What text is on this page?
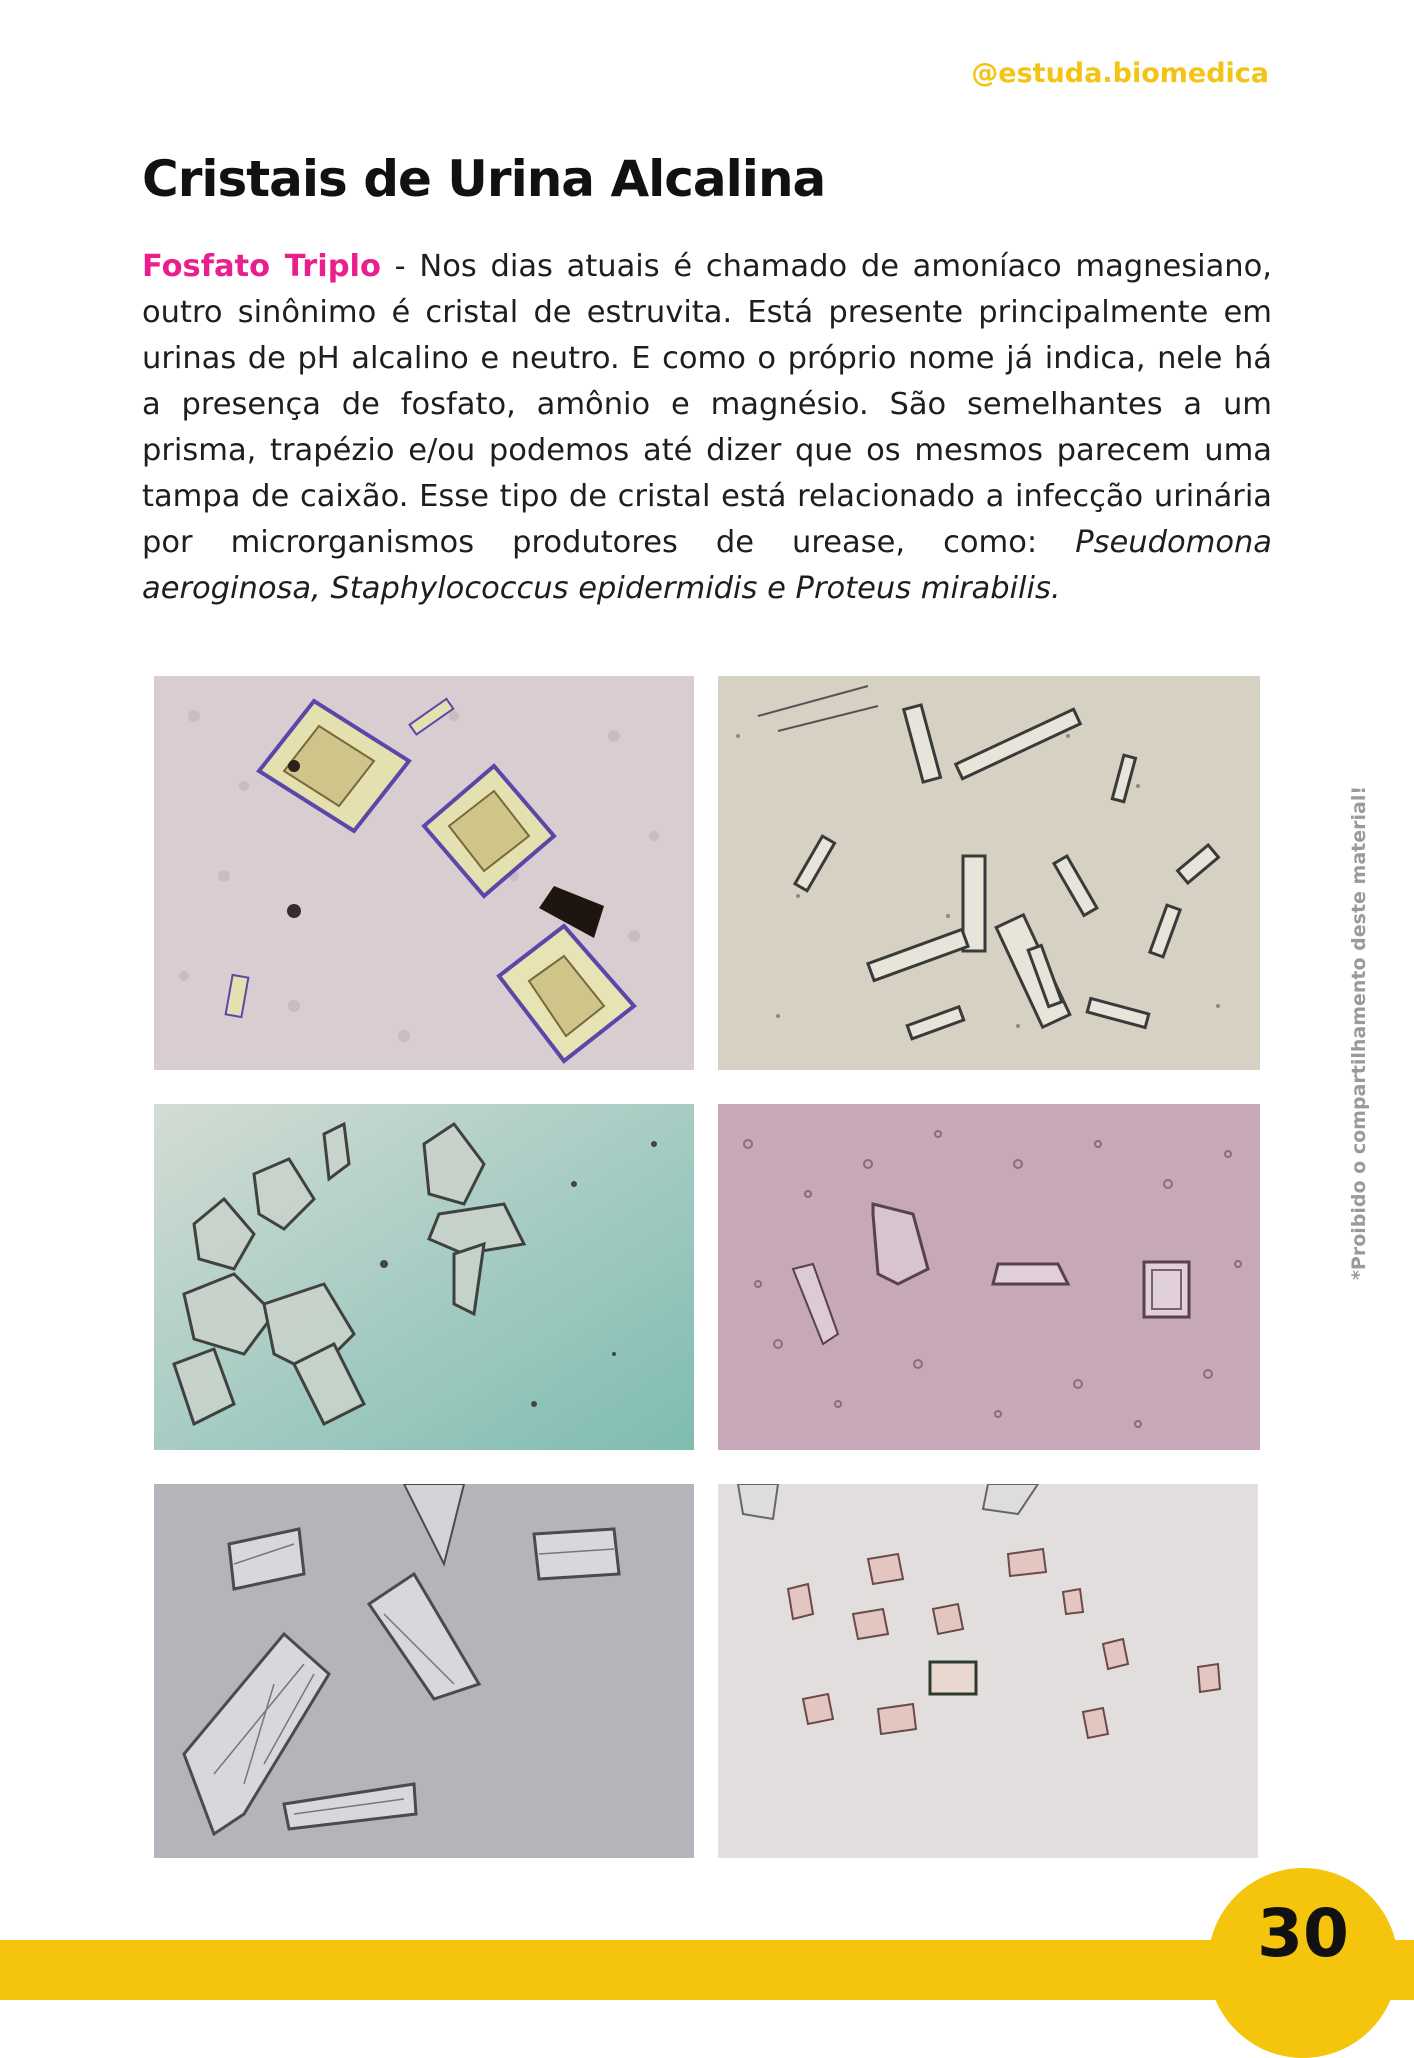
@estuda.biomedica
Cristais de Urina Alcalina

Fosfato Triplo - Nos dias atuais é chamado de amoníaco magnesiano, outro sinônimo é cristal de estruvita. Está presente principalmente em urinas de pH alcalino e neutro. E como o próprio nome já indica, nele há a presença de fosfato, amônio e magnésio. São semelhantes a um prisma, trapézio e/ou podemos até dizer que os mesmos parecem uma tampa de caixão. Esse tipo de cristal está relacionado a infecção urinária por microrganismos produtores de urease, como: Pseudomona aeroginosa, Staphylococcus epidermidis e Proteus mirabilis.

*Proibido o compartilhamento deste material!
30
